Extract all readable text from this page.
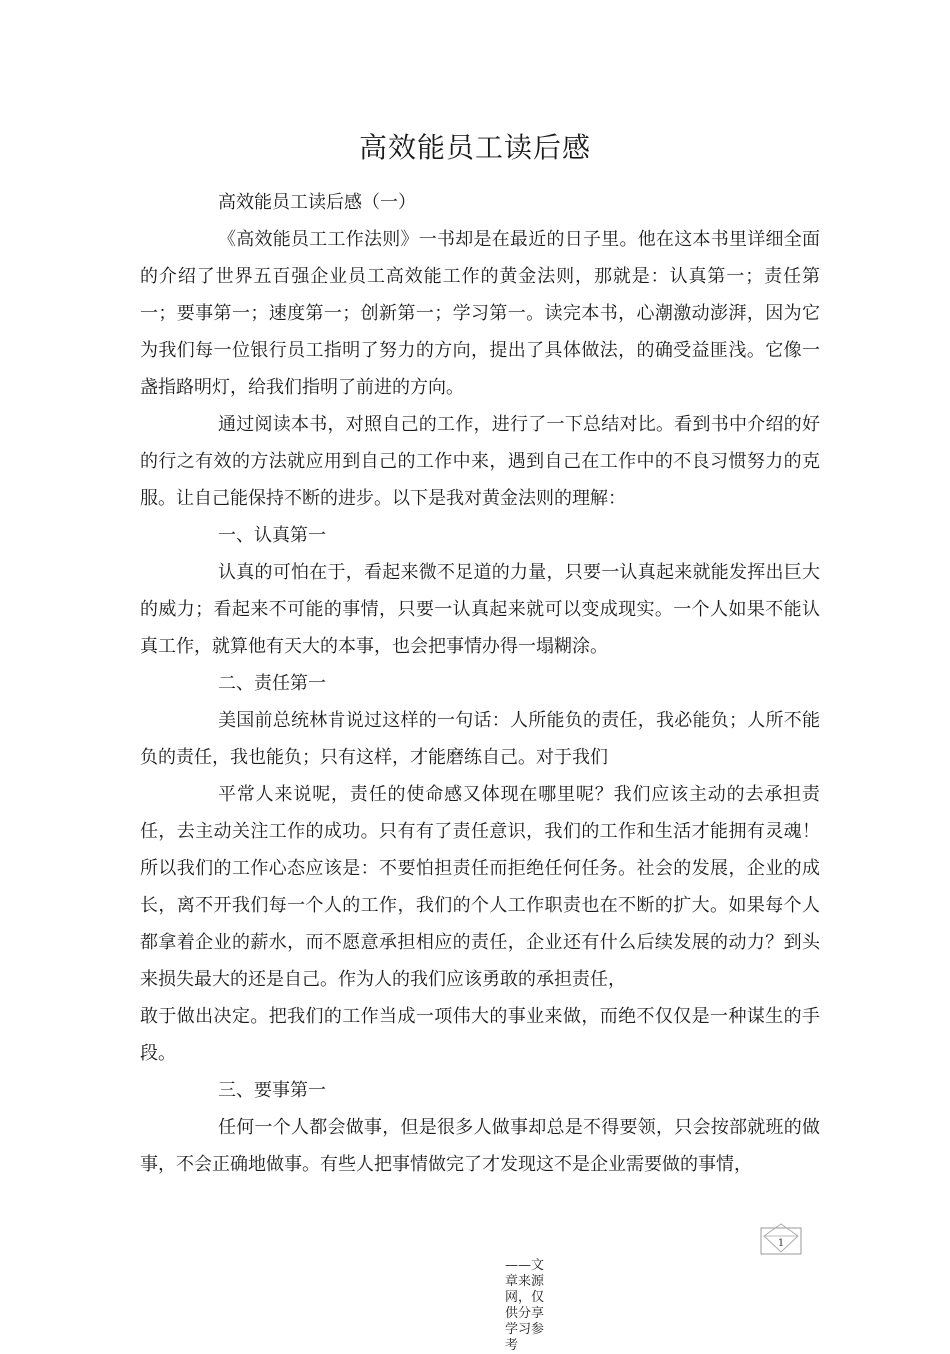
高效能员工读后感

高效能员工读后感（一）

《高效能员工工作法则》一书却是在最近的日子里。他在这本书里详细全面的介绍了世界五百强企业员工高效能工作的黄金法则，那就是：认真第一；责任第一；要事第一；速度第一；创新第一；学习第一。读完本书，心潮激动澎湃，因为它为我们每一位银行员工指明了努力的方向，提出了具体做法，的确受益匪浅。它像一盏指路明灯，给我们指明了前进的方向。

通过阅读本书，对照自己的工作，进行了一下总结对比。看到书中介绍的好的行之有效的方法就应用到自己的工作中来，遇到自己在工作中的不良习惯努力的克服。让自己能保持不断的进步。以下是我对黄金法则的理解：

一、认真第一

认真的可怕在于，看起来微不足道的力量，只要一认真起来就能发挥出巨大的威力；看起来不可能的事情，只要一认真起来就可以变成现实。一个人如果不能认真工作，就算他有天大的本事，也会把事情办得一塌糊涂。

二、责任第一

美国前总统林肯说过这样的一句话：人所能负的责任，我必能负；人所不能负的责任，我也能负；只有这样，才能磨练自己。对于我们

平常人来说呢，责任的使命感又体现在哪里呢？我们应该主动的去承担责任，去主动关注工作的成功。只有有了责任意识，我们的工作和生活才能拥有灵魂！所以我们的工作心态应该是：不要怕担责任而拒绝任何任务。社会的发展，企业的成长，离不开我们每一个人的工作，我们的个人工作职责也在不断的扩大。如果每个人都拿着企业的薪水，而不愿意承担相应的责任，企业还有什么后续发展的动力？到头来损失最大的还是自己。作为人的我们应该勇敢的承担责任，

敢于做出决定。把我们的工作当成一项伟大的事业来做，而绝不仅仅是一种谋生的手段。

三、要事第一

任何一个人都会做事，但是很多人做事却总是不得要领，只会按部就班的做事，不会正确地做事。有些人把事情做完了才发现这不是企业需要做的事情，

1
——文章来源网，仅供分享学习参考
